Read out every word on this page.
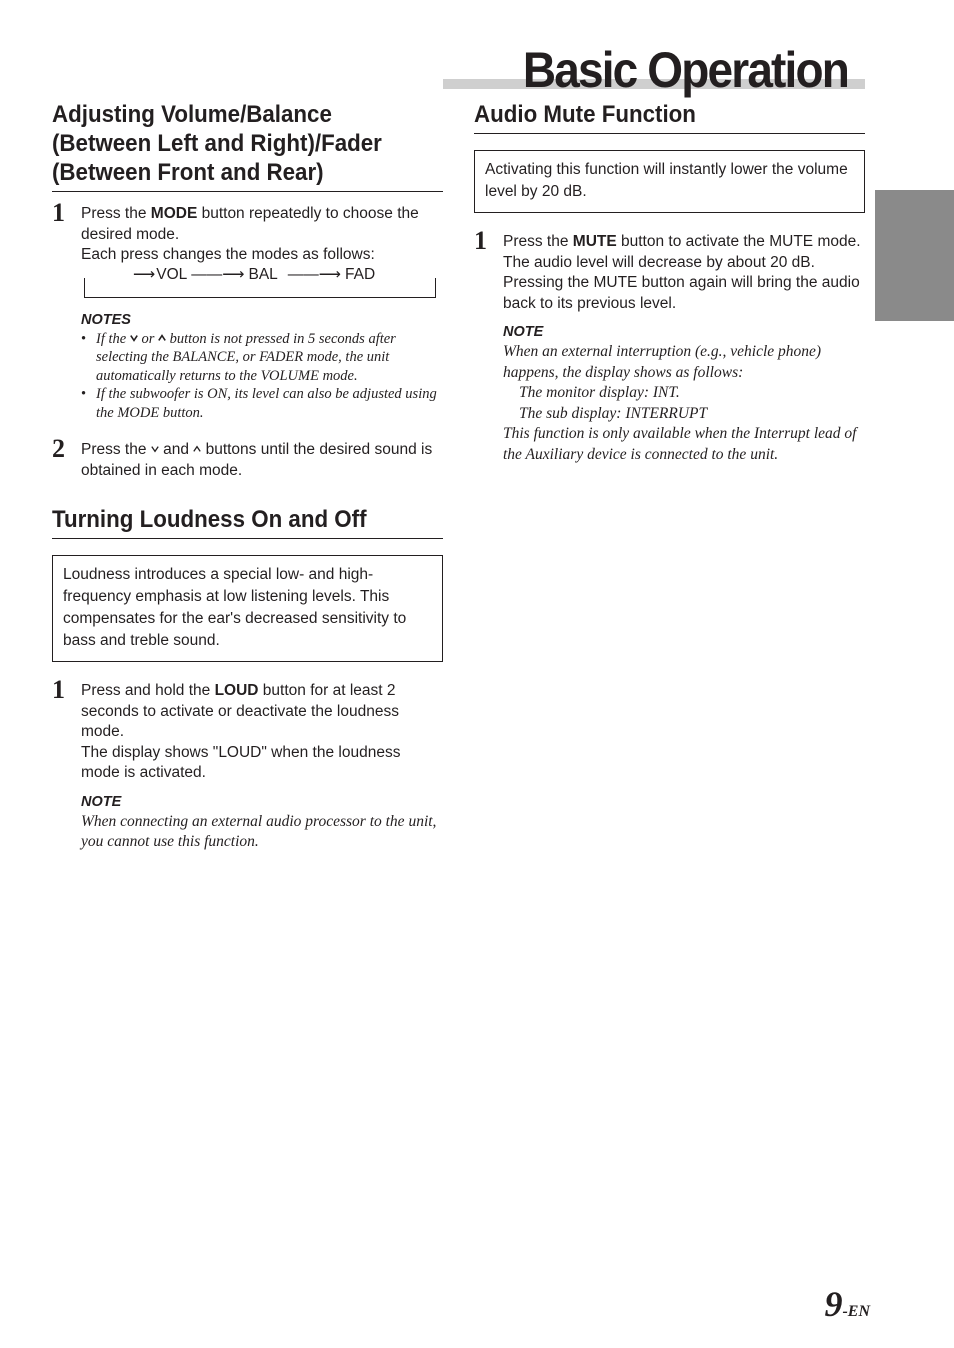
Basic Operation
Adjusting Volume/Balance
(Between Left and Right)/Fader
(Between Front and Rear)
1 Press the MODE button repeatedly to choose the desired mode.

Each press changes the modes as follows:

⟶VOL ——⟶ BAL ——⟶ FAD
NOTES
• If the  or  button is not pressed in 5 seconds after selecting the BALANCE, or FADER mode, the unit automatically returns to the VOLUME mode.
• If the subwoofer is ON, its level can also be adjusted using the MODE button.
2 Press the  and  buttons until the desired sound is obtained in each mode.

Turning Loudness On and Off

Loudness introduces a special low- and high-frequency emphasis at low listening levels. This compensates for the ear's decreased sensitivity to bass and treble sound.

1 Press and hold the LOUD button for at least 2 seconds to activate or deactivate the loudness mode.

The display shows "LOUD" when the loudness mode is activated.

NOTE

When connecting an external audio processor to the unit, you cannot use this function.

Audio Mute Function

Activating this function will instantly lower the volume level by 20 dB.

1 Press the MUTE button to activate the MUTE mode. The audio level will decrease by about 20 dB.

Pressing the MUTE button again will bring the audio back to its previous level.

NOTE

When an external interruption (e.g., vehicle phone) happens, the display shows as follows:

The monitor display: INT.

The sub display: INTERRUPT

This function is only available when the Interrupt lead of the Auxiliary device is connected to the unit.

9-EN
